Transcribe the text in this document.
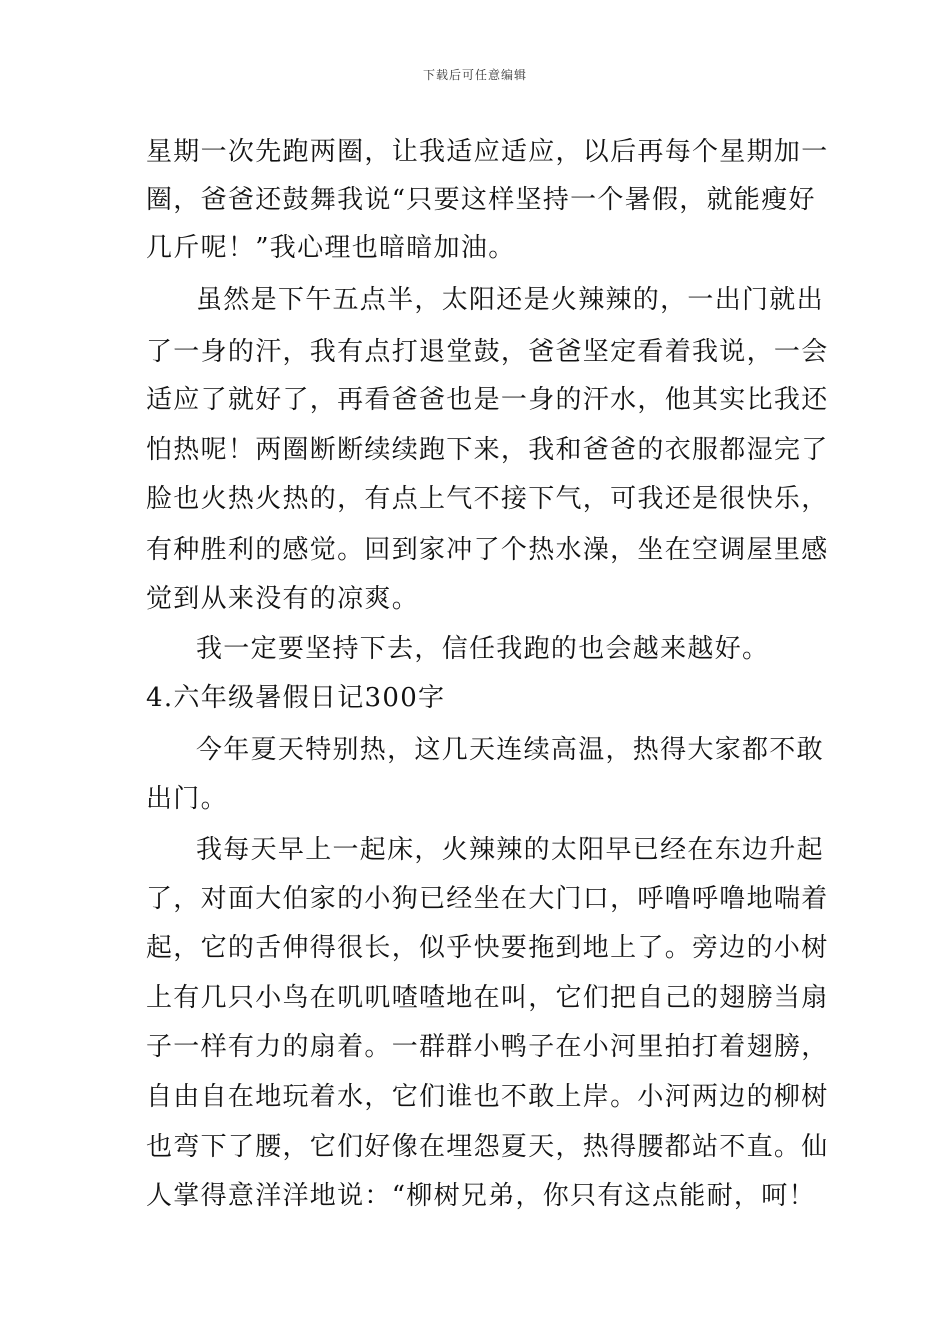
下载后可任意编辑
星期一次先跑两圈，让我适应适应，以后再每个星期加一
圈，爸爸还鼓舞我说“只要这样坚持一个暑假，就能瘦好
几斤呢！”我心理也暗暗加油。
虽然是下午五点半，太阳还是火辣辣的，一出门就出
了一身的汗，我有点打退堂鼓，爸爸坚定看着我说，一会
适应了就好了，再看爸爸也是一身的汗水，他其实比我还
怕热呢！两圈断断续续跑下来，我和爸爸的衣服都湿完了
脸也火热火热的，有点上气不接下气，可我还是很快乐，
有种胜利的感觉。回到家冲了个热水澡，坐在空调屋里感
觉到从来没有的凉爽。
我一定要坚持下去，信任我跑的也会越来越好。
4.六年级暑假日记300字
今年夏天特别热，这几天连续高温，热得大家都不敢
出门。
我每天早上一起床，火辣辣的太阳早已经在东边升起
了，对面大伯家的小狗已经坐在大门口，呼噜呼噜地喘着
起，它的舌伸得很长，似乎快要拖到地上了。旁边的小树
上有几只小鸟在叽叽喳喳地在叫，它们把自己的翅膀当扇
子一样有力的扇着。一群群小鸭子在小河里拍打着翅膀，
自由自在地玩着水，它们谁也不敢上岸。小河两边的柳树
也弯下了腰，它们好像在埋怨夏天，热得腰都站不直。仙
人掌得意洋洋地说：“柳树兄弟，你只有这点能耐，呵！
